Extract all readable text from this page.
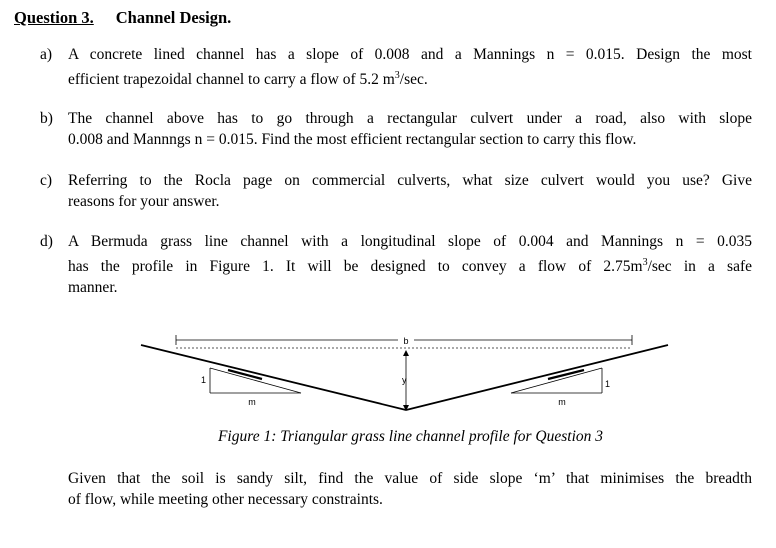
Question 3. Channel Design.
a) A concrete lined channel has a slope of 0.008 and a Mannings n = 0.015. Design the most
efficient trapezoidal channel to carry a flow of 5.2 $m^3/\sec$.
b) The channel above has to go through a rectangular culvert under a road, also with slope
0.008 and Mannngs n = 0.015. Find the most efficient rectangular section to carry this flow.
c) Referring to the Rocla page on commercial culverts, what size culvert would you use? Give
reasons for your answer.
d) A Bermuda grass line channel with a longitudinal slope of 0.004 and Mannings n = 0.035
has the profile in Figure 1. It will be designed to convey a flow of $2.75m^3/\sec$ in a safe
manner.
b
y
1
m
1
m
Figure 1: Triangular grass line channel profile for Question 3
Given that the soil is sandy silt, find the value of side slope ‘m’ that minimises the breadth
of flow, while meeting other necessary constraints.
